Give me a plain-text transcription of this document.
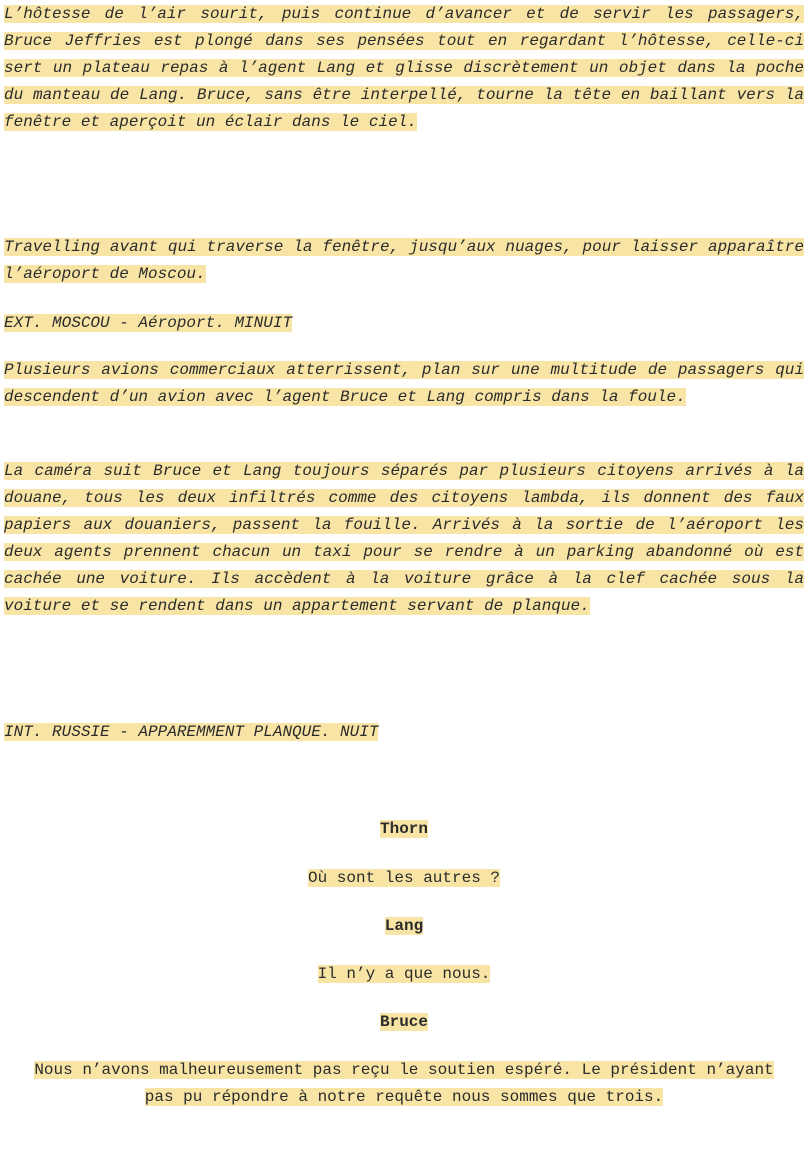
L’hôtesse de l’air sourit, puis continue d’avancer et de servir les passagers, Bruce Jeffries est plongé dans ses pensées tout en regardant l’hôtesse, celle-ci sert un plateau repas à l’agent Lang et glisse discrètement un objet dans la poche du manteau de Lang. Bruce, sans être interpellé, tourne la tête en baillant vers la fenêtre et aperçoit un éclair dans le ciel.
Travelling avant qui traverse la fenêtre, jusqu’aux nuages, pour laisser apparaître l’aéroport de Moscou.
EXT. MOSCOU - Aéroport. MINUIT
Plusieurs avions commerciaux atterrissent, plan sur une multitude de passagers qui descendent d’un avion avec l’agent Bruce et Lang compris dans la foule.
La caméra suit Bruce et Lang toujours séparés par plusieurs citoyens arrivés à la douane, tous les deux infiltrés comme des citoyens lambda, ils donnent des faux papiers aux douaniers, passent la fouille. Arrivés à la sortie de l’aéroport les deux agents prennent chacun un taxi pour se rendre à un parking abandonné où est cachée une voiture. Ils accèdent à la voiture grâce à la clef cachée sous la voiture et se rendent dans un appartement servant de planque.
INT. RUSSIE - APPAREMMENT PLANQUE. NUIT
Thorn
Où sont les autres ?
Lang
Il n’y a que nous.
Bruce
Nous n’avons malheureusement pas reçu le soutien espéré. Le président n’ayant pas pu répondre à notre requête nous sommes que trois.
